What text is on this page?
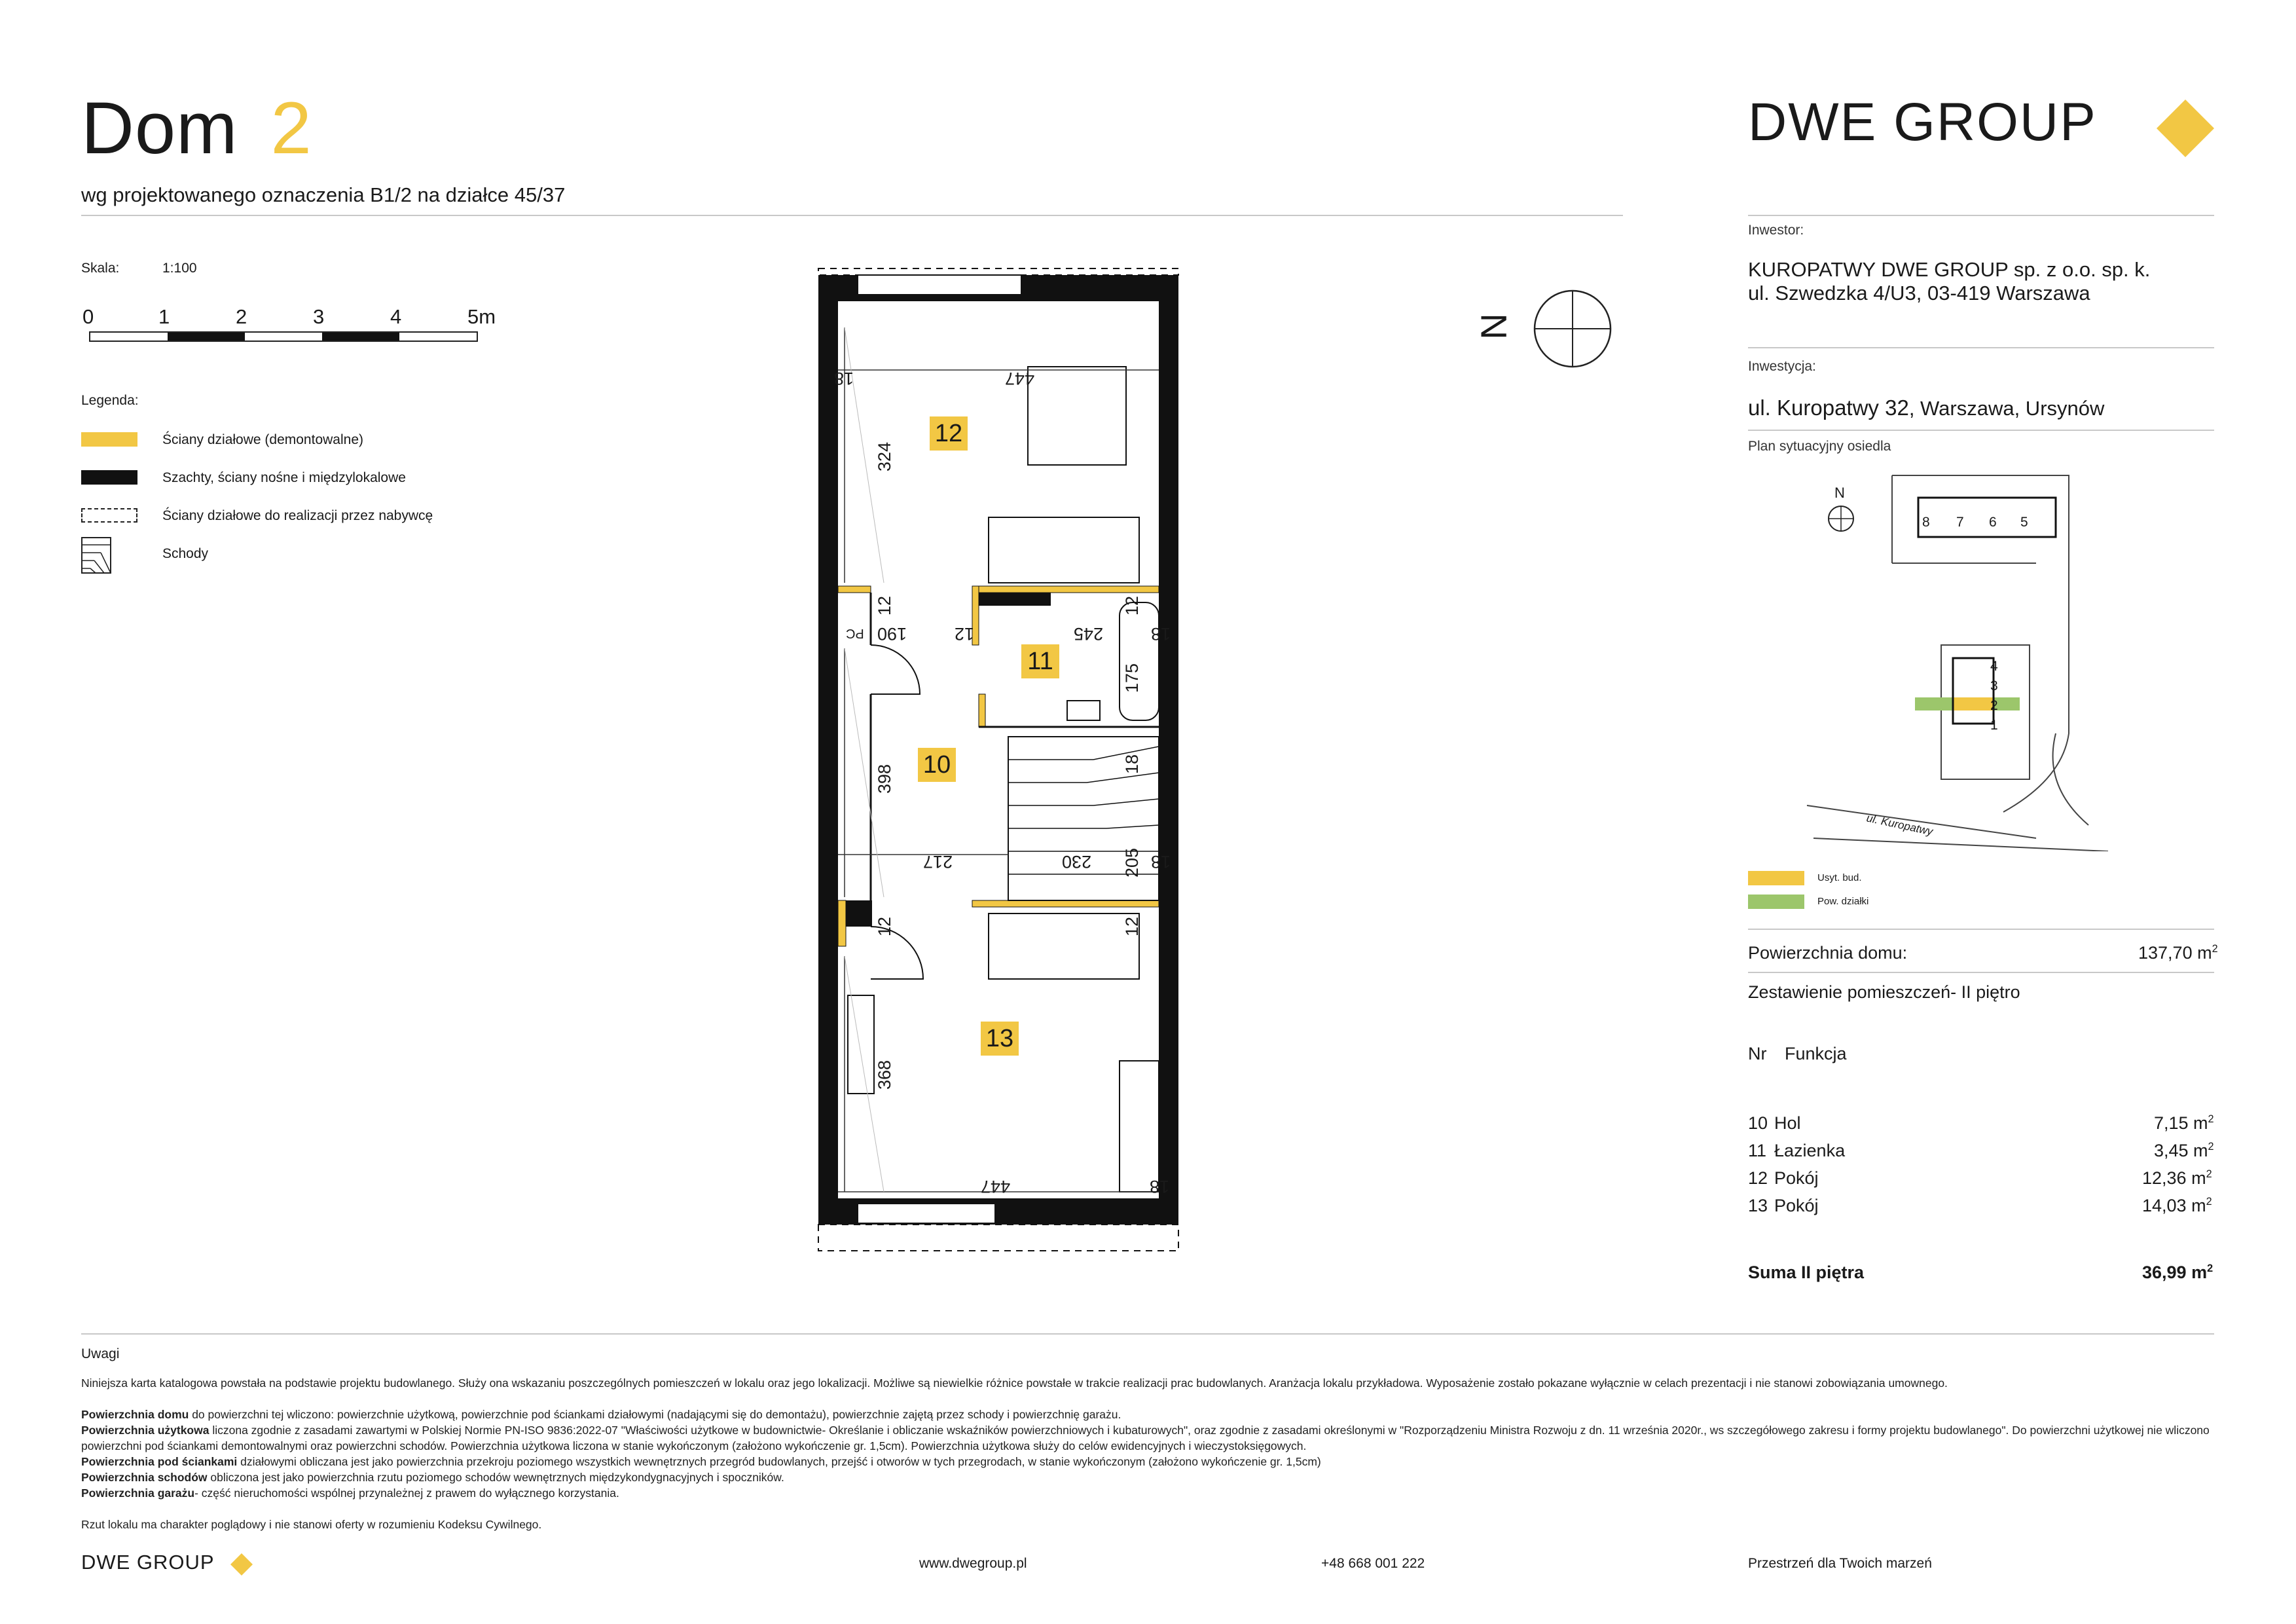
Dom 2
wg projektowanego oznaczenia B1/2 na działce 45/37
Skala:	1:100
0	1	2	3	4	5m
Legenda:
Ściany działowe (demontowalne)
Szachty, ściany nośne i międzylokalowe
Ściany działowe do realizacji przez nabywcę
Schody
12
11
10
13
18	447
324
12
190
PC	12	245
12
18
175
398	18
217	230 205 18
12	12
368
447	18
N
DWE GROUP
Inwestor:
KUROPATWY DWE GROUP sp. z o.o. sp. k.
ul. Szwedzka 4/U3, 03-419 Warszawa
Inwestycja:
ul. Kuropatwy 32, Warszawa, Ursynów
Plan sytuacyjny osiedla
N
8 7 6 5
4
3
2
1
ul. Kuropatwy
Usyt. bud.
Pow. działki
Powierzchnia domu:	137,70 $m^2$
Zestawienie pomieszczeń- II piętro
Nr Funkcja
10 Hol	7,15 $m^2$
11 Łazienka	3,45 $m^2$
12 Pokój	12,36 $m^2$
13 Pokój	14,03 $m^2$
Suma II piętra	36,99 $m^2$
Uwagi
Niniejsza karta katalogowa powstała na podstawie projektu budowlanego. Służy ona wskazaniu poszczególnych pomieszczeń w lokalu oraz jego lokalizacji. Możliwe są niewielkie różnice powstałe w trakcie realizacji prac budowlanych. Aranżacja lokalu przykładowa. Wyposażenie zostało pokazane wyłącznie w celach prezentacji i nie stanowi zobowiązania umownego.
Powierzchnia domu do powierzchni tej wliczono: powierzchnie użytkową, powierzchnie pod ściankami działowymi (nadającymi się do demontażu), powierzchnie zajętą przez schody i powierzchnię garażu.
Powierzchnia użytkowa liczona zgodnie z zasadami zawartymi w Polskiej Normie PN-ISO 9836:2022-07 "Właściwości użytkowe w budownictwie- Określanie i obliczanie wskaźników powierzchniowych i kubaturowych", oraz zgodnie z zasadami określonymi w "Rozporządzeniu Ministra Rozwoju z dn. 11 września 2020r., ws szczegółowego zakresu i formy projektu budowlanego". Do powierzchni użytkowej nie wliczono powierzchni pod ściankami demontowalnymi oraz powierzchni schodów. Powierzchnia użytkowa liczona w stanie wykończonym (założono wykończenie gr. 1,5cm). Powierzchnia użytkowa służy do celów ewidencyjnych i wieczystoksięgowych.
Powierzchnia pod ściankami działowymi obliczana jest jako powierzchnia przekroju poziomego wszystkich wewnętrznych przegród budowlanych, przejść i otworów w tych przegrodach, w stanie wykończonym (założono wykończenie gr. 1,5cm)
Powierzchnia schodów obliczona jest jako powierzchnia rzutu poziomego schodów wewnętrznych międzykondygnacyjnych i spoczników.
Powierzchnia garażu- część nieruchomości wspólnej przynależnej z prawem do wyłącznego korzystania.
Rzut lokalu ma charakter poglądowy i nie stanowi oferty w rozumieniu Kodeksu Cywilnego.
DWE GROUP	www.dwegroup.pl	+48 668 001 222	Przestrzeń dla Twoich marzeń
